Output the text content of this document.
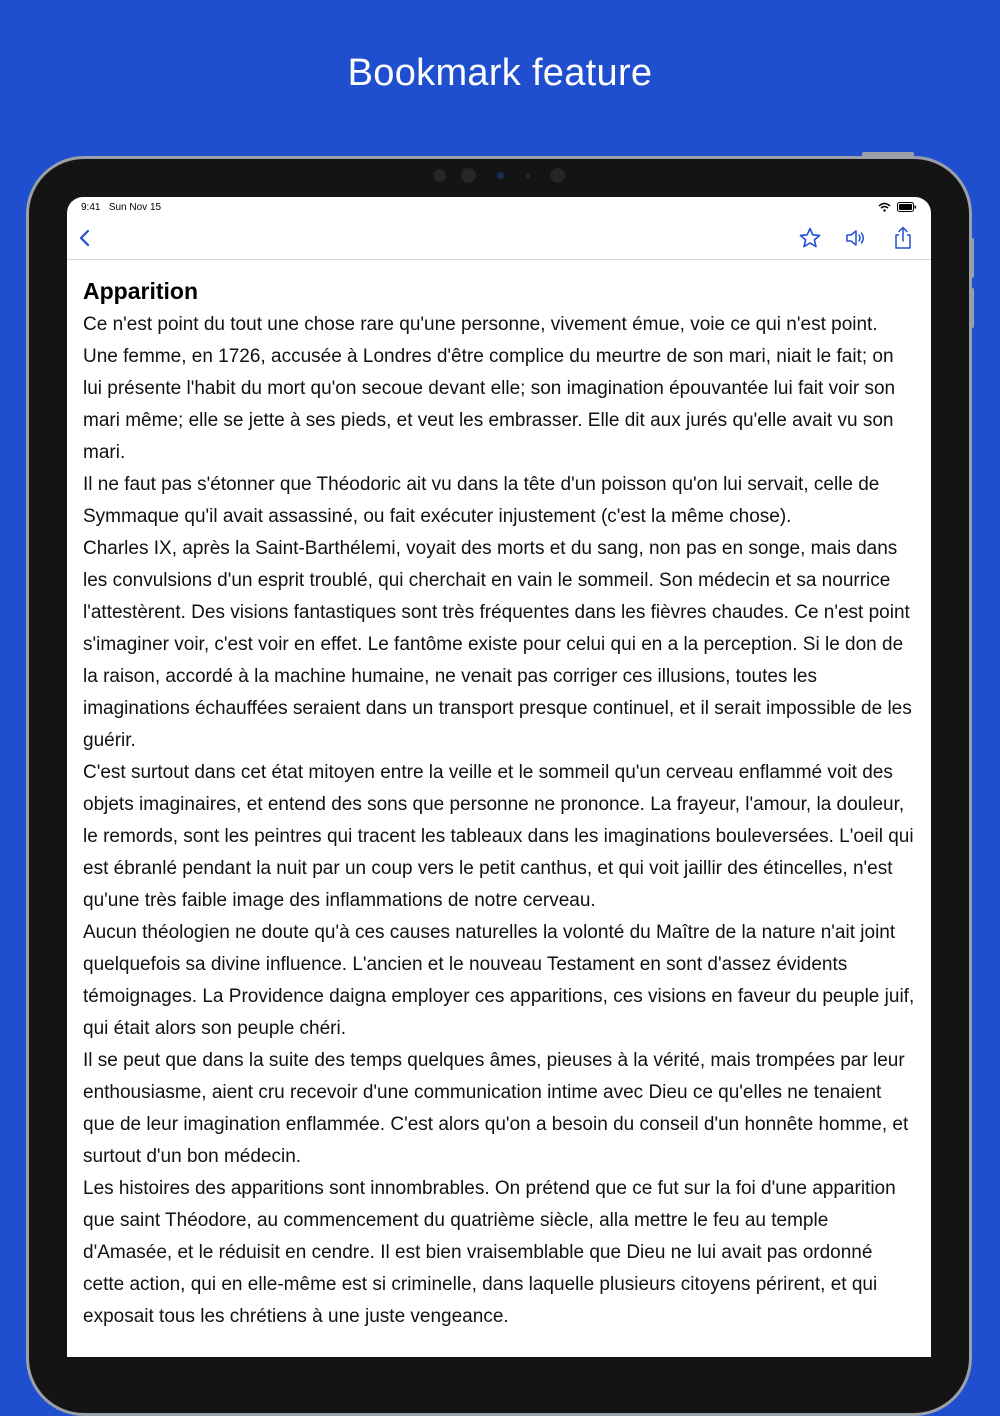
Bookmark feature
9:41 Sun Nov 15
Apparition

Ce n'est point du tout une chose rare qu'une personne, vivement émue, voie ce qui n'est point. Une femme, en 1726, accusée à Londres d'être complice du meurtre de son mari, niait le fait; on lui présente l'habit du mort qu'on secoue devant elle; son imagination épouvantée lui fait voir son mari même; elle se jette à ses pieds, et veut les embrasser. Elle dit aux jurés qu'elle avait vu son mari.

Il ne faut pas s'étonner que Théodoric ait vu dans la tête d'un poisson qu'on lui servait, celle de Symmaque qu'il avait assassiné, ou fait exécuter injustement (c'est la même chose).

Charles IX, après la Saint-Barthélemi, voyait des morts et du sang, non pas en songe, mais dans les convulsions d'un esprit troublé, qui cherchait en vain le sommeil. Son médecin et sa nourrice l'attestèrent. Des visions fantastiques sont très fréquentes dans les fièvres chaudes. Ce n'est point s'imaginer voir, c'est voir en effet. Le fantôme existe pour celui qui en a la perception. Si le don de la raison, accordé à la machine humaine, ne venait pas corriger ces illusions, toutes les imaginations échauffées seraient dans un transport presque continuel, et il serait impossible de les guérir.

C'est surtout dans cet état mitoyen entre la veille et le sommeil qu'un cerveau enflammé voit des objets imaginaires, et entend des sons que personne ne prononce. La frayeur, l'amour, la douleur, le remords, sont les peintres qui tracent les tableaux dans les imaginations bouleversées. L'oeil qui est ébranlé pendant la nuit par un coup vers le petit canthus, et qui voit jaillir des étincelles, n'est qu'une très faible image des inflammations de notre cerveau.

Aucun théologien ne doute qu'à ces causes naturelles la volonté du Maître de la nature n'ait joint quelquefois sa divine influence. L'ancien et le nouveau Testament en sont d'assez évidents témoignages. La Providence daigna employer ces apparitions, ces visions en faveur du peuple juif, qui était alors son peuple chéri.

Il se peut que dans la suite des temps quelques âmes, pieuses à la vérité, mais trompées par leur enthousiasme, aient cru recevoir d'une communication intime avec Dieu ce qu'elles ne tenaient que de leur imagination enflammée. C'est alors qu'on a besoin du conseil d'un honnête homme, et surtout d'un bon médecin.

Les histoires des apparitions sont innombrables. On prétend que ce fut sur la foi d'une apparition que saint Théodore, au commencement du quatrième siècle, alla mettre le feu au temple d'Amasée, et le réduisit en cendre. Il est bien vraisemblable que Dieu ne lui avait pas ordonné cette action, qui en elle-même est si criminelle, dans laquelle plusieurs citoyens périrent, et qui exposait tous les chrétiens à une juste vengeance.
